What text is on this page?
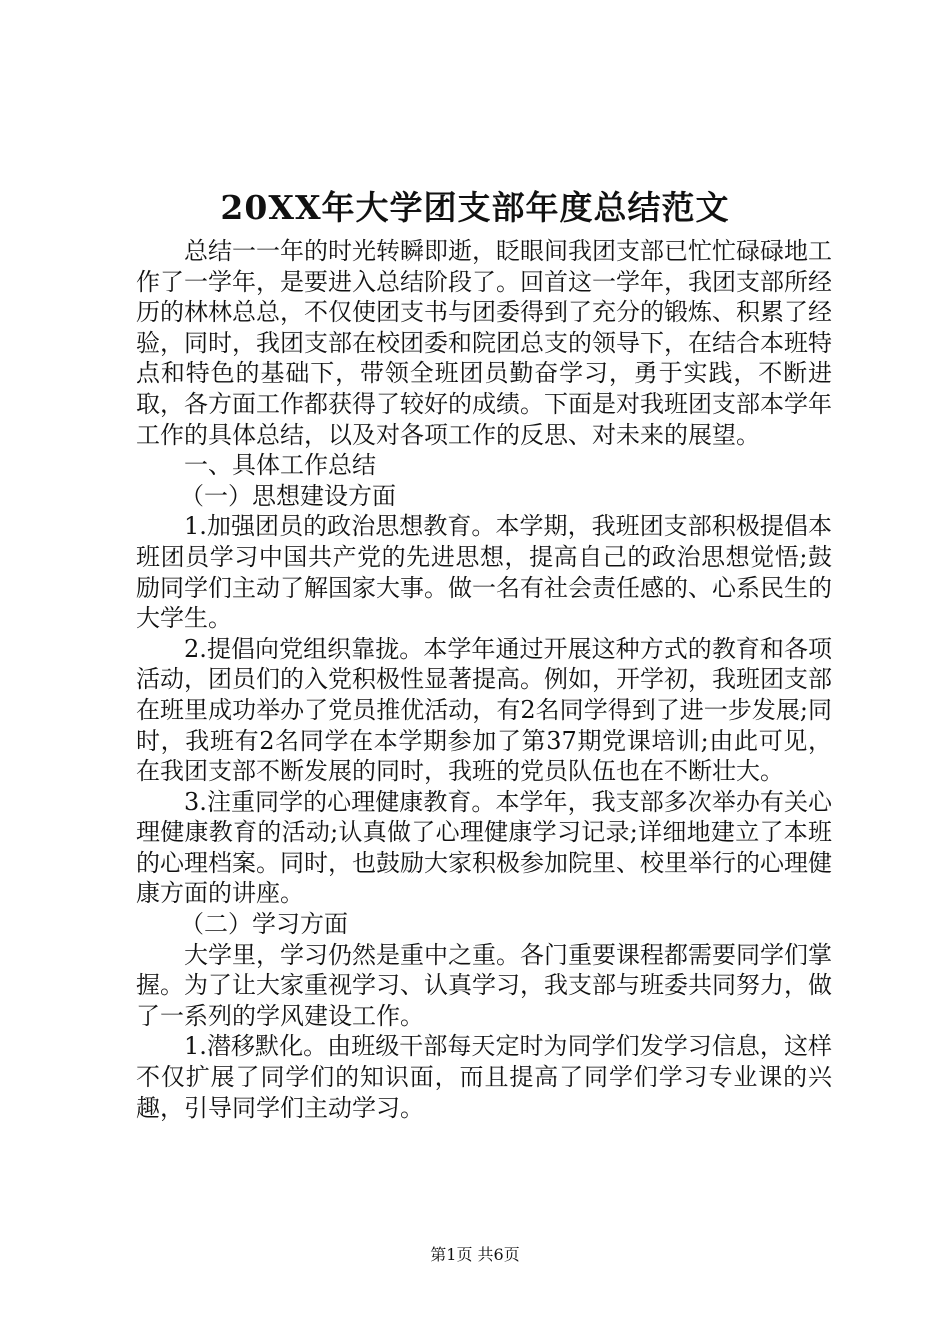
20XX年大学团支部年度总结范文

总结一一年的时光转瞬即逝，眨眼间我团支部已忙忙碌碌地工作了一学年，是要进入总结阶段了。回首这一学年，我团支部所经历的林林总总，不仅使团支书与团委得到了充分的锻炼、积累了经验，同时，我团支部在校团委和院团总支的领导下，在结合本班特点和特色的基础下，带领全班团员勤奋学习，勇于实践，不断进取，各方面工作都获得了较好的成绩。下面是对我班团支部本学年工作的具体总结，以及对各项工作的反思、对未来的展望。

一、具体工作总结

（一）思想建设方面

1.加强团员的政治思想教育。本学期，我班团支部积极提倡本班团员学习中国共产党的先进思想，提高自己的政治思想觉悟;鼓励同学们主动了解国家大事。做一名有社会责任感的、心系民生的大学生。

2.提倡向党组织靠拢。本学年通过开展这种方式的教育和各项活动，团员们的入党积极性显著提高。例如，开学初，我班团支部在班里成功举办了党员推优活动，有2名同学得到了进一步发展;同时，我班有2名同学在本学期参加了第37期党课培训;由此可见，在我团支部不断发展的同时，我班的党员队伍也在不断壮大。

3.注重同学的心理健康教育。本学年，我支部多次举办有关心理健康教育的活动;认真做了心理健康学习记录;详细地建立了本班的心理档案。同时，也鼓励大家积极参加院里、校里举行的心理健康方面的讲座。

（二）学习方面

大学里，学习仍然是重中之重。各门重要课程都需要同学们掌握。为了让大家重视学习、认真学习，我支部与班委共同努力，做了一系列的学风建设工作。

1.潜移默化。由班级干部每天定时为同学们发学习信息，这样不仅扩展了同学们的知识面，而且提高了同学们学习专业课的兴趣，引导同学们主动学习。

第1页 共6页
